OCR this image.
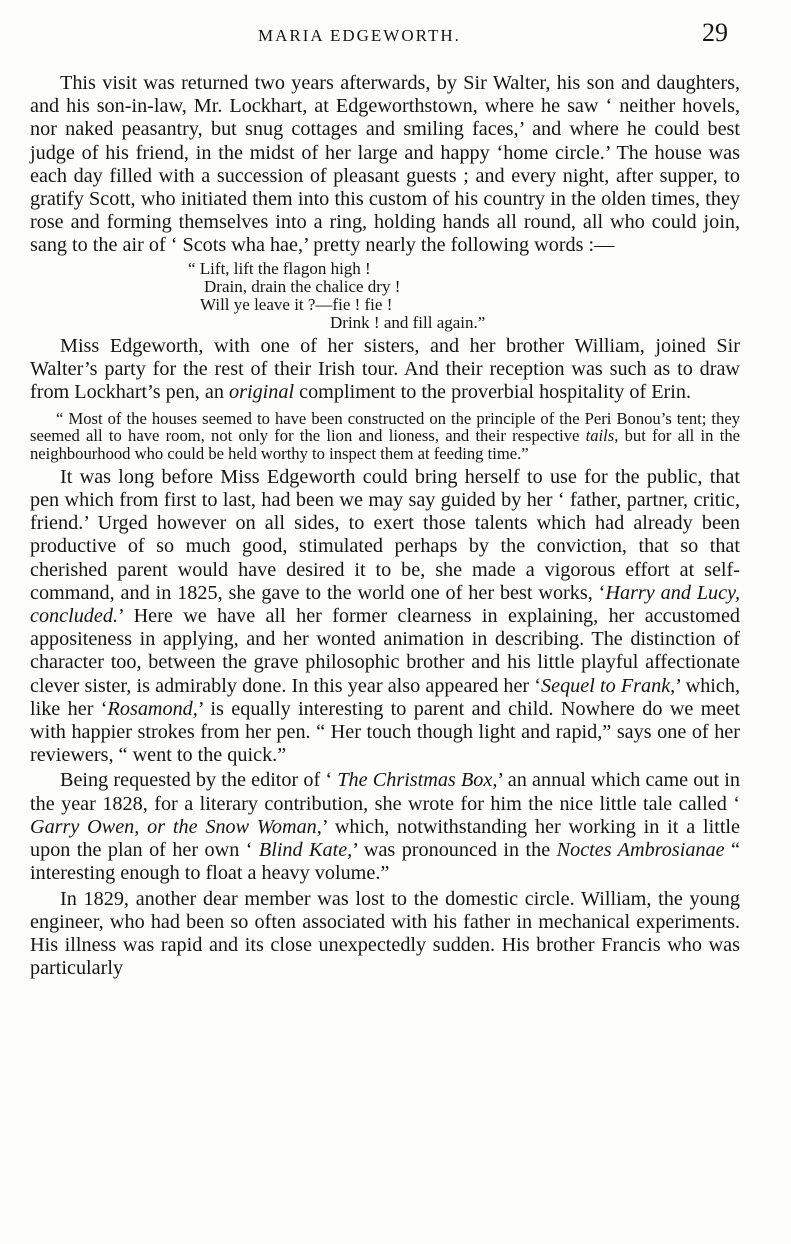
MARIA EDGEWORTH.	29

This visit was returned two years afterwards, by Sir Walter, his son and daughters, and his son-in-law, Mr. Lockhart, at Edgeworthstown, where he saw ‘ neither hovels, nor naked peasantry, but snug cottages and smiling faces,’ and where he could best judge of his friend, in the midst of her large and happy ‘home circle.’ The house was each day filled with a succession of pleasant guests ; and every night, after supper, to gratify Scott, who initiated them into this custom of his country in the olden times, they rose and forming themselves into a ring, holding hands all round, all who could join, sang to the air of ‘ Scots wha hae,’ pretty nearly the following words :—

“ Lift, lift the flagon high !
Drain, drain the chalice dry !
Will ye leave it ?—fie ! fie !
Drink ! and fill again.”

Miss Edgeworth, with one of her sisters, and her brother William, joined Sir Walter’s party for the rest of their Irish tour. And their reception was such as to draw from Lockhart’s pen, an original compliment to the proverbial hospitality of Erin.

“ Most of the houses seemed to have been constructed on the principle of the Peri Bonou’s tent; they seemed all to have room, not only for the lion and lioness, and their respective tails, but for all in the neighbourhood who could be held worthy to inspect them at feeding time.”

It was long before Miss Edgeworth could bring herself to use for the public, that pen which from first to last, had been we may say guided by her ‘ father, partner, critic, friend.’ Urged however on all sides, to exert those talents which had already been productive of so much good, stimulated perhaps by the conviction, that so that cherished parent would have desired it to be, she made a vigorous effort at self-command, and in 1825, she gave to the world one of her best works, ‘Harry and Lucy, concluded.’ Here we have all her former clearness in explaining, her accustomed appositeness in applying, and her wonted animation in describing. The distinction of character too, between the grave philosophic brother and his little playful affectionate clever sister, is admirably done. In this year also appeared her ‘Sequel to Frank,’ which, like her ‘Rosamond,’ is equally interesting to parent and child. Nowhere do we meet with happier strokes from her pen. “ Her touch though light and rapid,” says one of her reviewers, “ went to the quick.”

Being requested by the editor of ‘ The Christmas Box,’ an annual which came out in the year 1828, for a literary contribution, she wrote for him the nice little tale called ‘ Garry Owen, or the Snow Woman,’ which, notwithstanding her working in it a little upon the plan of her own ‘ Blind Kate,’ was pronounced in the Noctes Ambrosianae “ interesting enough to float a heavy volume.”

In 1829, another dear member was lost to the domestic circle. William, the young engineer, who had been so often associated with his father in mechanical experiments. His illness was rapid and its close unexpectedly sudden. His brother Francis who was particularly
